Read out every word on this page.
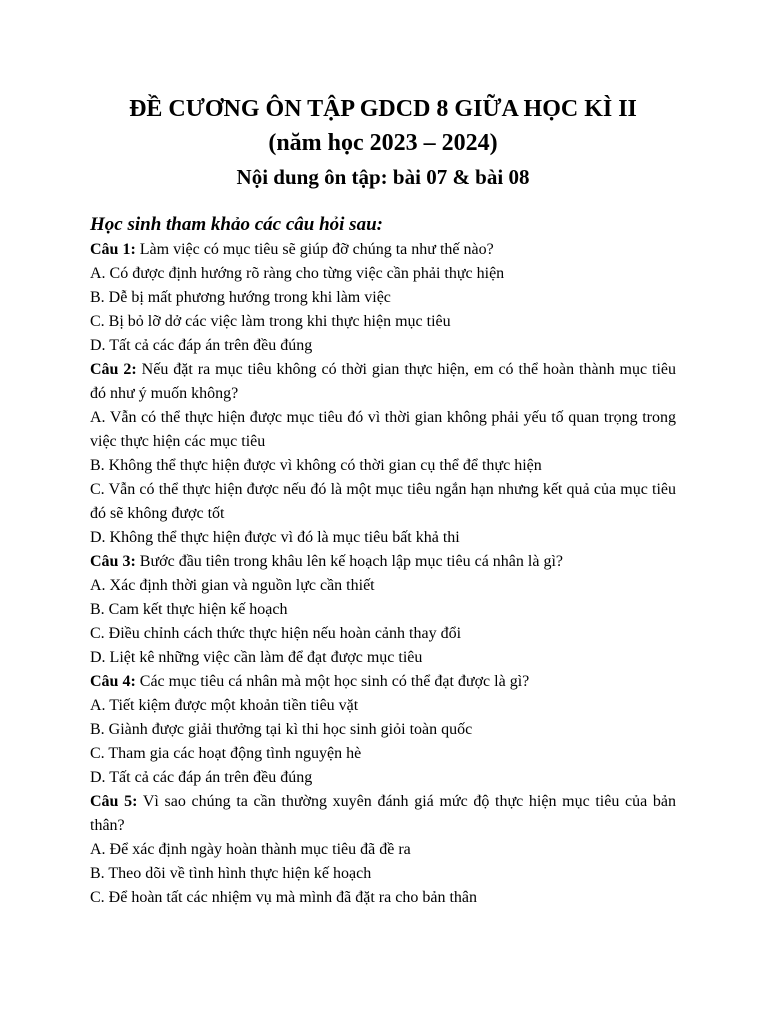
ĐỀ CƯƠNG ÔN TẬP GDCD 8 GIỮA HỌC KÌ II
(năm học 2023 – 2024)
Nội dung ôn tập: bài 07 & bài 08

Học sinh tham khảo các câu hỏi sau:

Câu 1: Làm việc có mục tiêu sẽ giúp đỡ chúng ta như thế nào?

A. Có được định hướng rõ ràng cho từng việc cần phải thực hiện

B. Dễ bị mất phương hướng trong khi làm việc

C. Bị bỏ lỡ dở các việc làm trong khi thực hiện mục tiêu

D. Tất cả các đáp án trên đều đúng

Câu 2: Nếu đặt ra mục tiêu không có thời gian thực hiện, em có thể hoàn thành mục tiêu đó như ý muốn không?

A. Vẫn có thể thực hiện được mục tiêu đó vì thời gian không phải yếu tố quan trọng trong việc thực hiện các mục tiêu

B. Không thể thực hiện được vì không có thời gian cụ thể để thực hiện

C. Vẫn có thể thực hiện được nếu đó là một mục tiêu ngắn hạn nhưng kết quả của mục tiêu đó sẽ không được tốt

D. Không thể thực hiện được vì đó là mục tiêu bất khả thi

Câu 3: Bước đầu tiên trong khâu lên kế hoạch lập mục tiêu cá nhân là gì?

A. Xác định thời gian và nguồn lực cần thiết

B. Cam kết thực hiện kế hoạch

C. Điều chỉnh cách thức thực hiện nếu hoàn cảnh thay đổi

D. Liệt kê những việc cần làm để đạt được mục tiêu

Câu 4: Các mục tiêu cá nhân mà một học sinh có thể đạt được là gì?

A. Tiết kiệm được một khoản tiền tiêu vặt

B. Giành được giải thưởng tại kì thi học sinh giỏi toàn quốc

C. Tham gia các hoạt động tình nguyện hè

D. Tất cả các đáp án trên đều đúng

Câu 5: Vì sao chúng ta cần thường xuyên đánh giá mức độ thực hiện mục tiêu của bản thân?

A. Để xác định ngày hoàn thành mục tiêu đã đề ra

B. Theo dõi về tình hình thực hiện kế hoạch

C. Để hoàn tất các nhiệm vụ mà mình đã đặt ra cho bản thân
